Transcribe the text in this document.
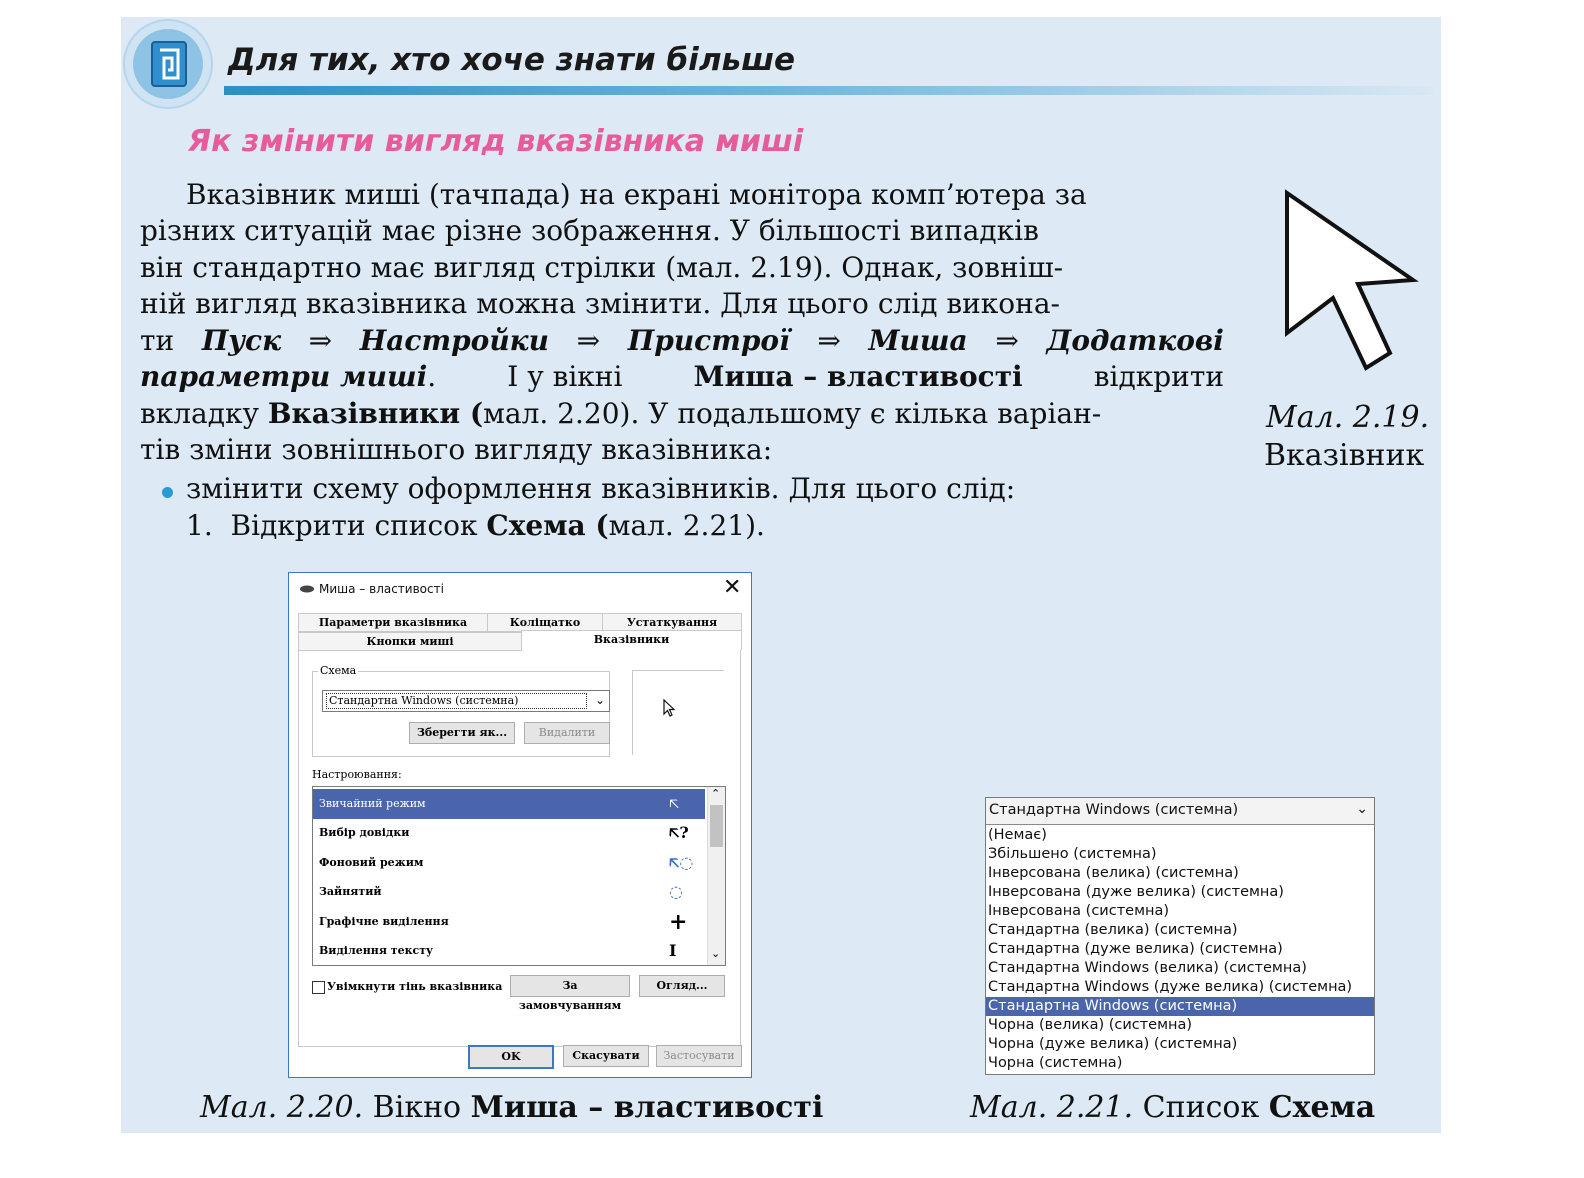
Для тих, хто хоче знати більше
Як змінити вигляд вказівника миші
Вказівник миші (тачпада) на екрані монітора комп’ютера за
різних ситуацій має різне зображення. У більшості випадків
він стандартно має вигляд стрілки (мал. 2.19). Однак, зовніш-
ній вигляд вказівника можна змінити. Для цього слід викона-
ти Пуск ⇒ Настройки ⇒ Пристрої ⇒ Миша ⇒ Додаткові
параметри миші.	І у вікні	Миша – властивості	відкрити
вкладку Вказівники (мал. 2.20). У подальшому є кілька варіан-
тів зміни зовнішнього вигляду вказівника:
змінити схему оформлення вказівників. Для цього слід:
1. Відкрити список Схема (мал. 2.21).
Мал. 2.19.
Вказівник
Миша – властивості	✕
Параметри вказівника	Коліщатко	Устаткування
Кнопки миші	Вказівники
Схема
Стандартна Windows (системна)	⌄
Зберегти як...	Видалити
Настроювання:
Звичайний режим	🡤
Вибір довідки	🡤?
Фоновий режим	🡤◌
Зайнятий	◌
Графічне виділення	+
Виділення тексту	I
⌃
⌄
Увімкнути тінь вказівника	За замовчуванням
Огляд...
OK	Скасувати	Застосувати
Мал. 2.20. Вікно Миша – властивості
Стандартна Windows (системна)	⌄
(Немає)
Збільшено (системна)
Інверсована (велика) (системна)
Інверсована (дуже велика) (системна)
Інверсована (системна)
Стандартна (велика) (системна)
Стандартна (дуже велика) (системна)
Стандартна Windows (велика) (системна)
Стандартна Windows (дуже велика) (системна)
Стандартна Windows (системна)
Чорна (велика) (системна)
Чорна (дуже велика) (системна)
Чорна (системна)
Мал. 2.21. Список Схема
